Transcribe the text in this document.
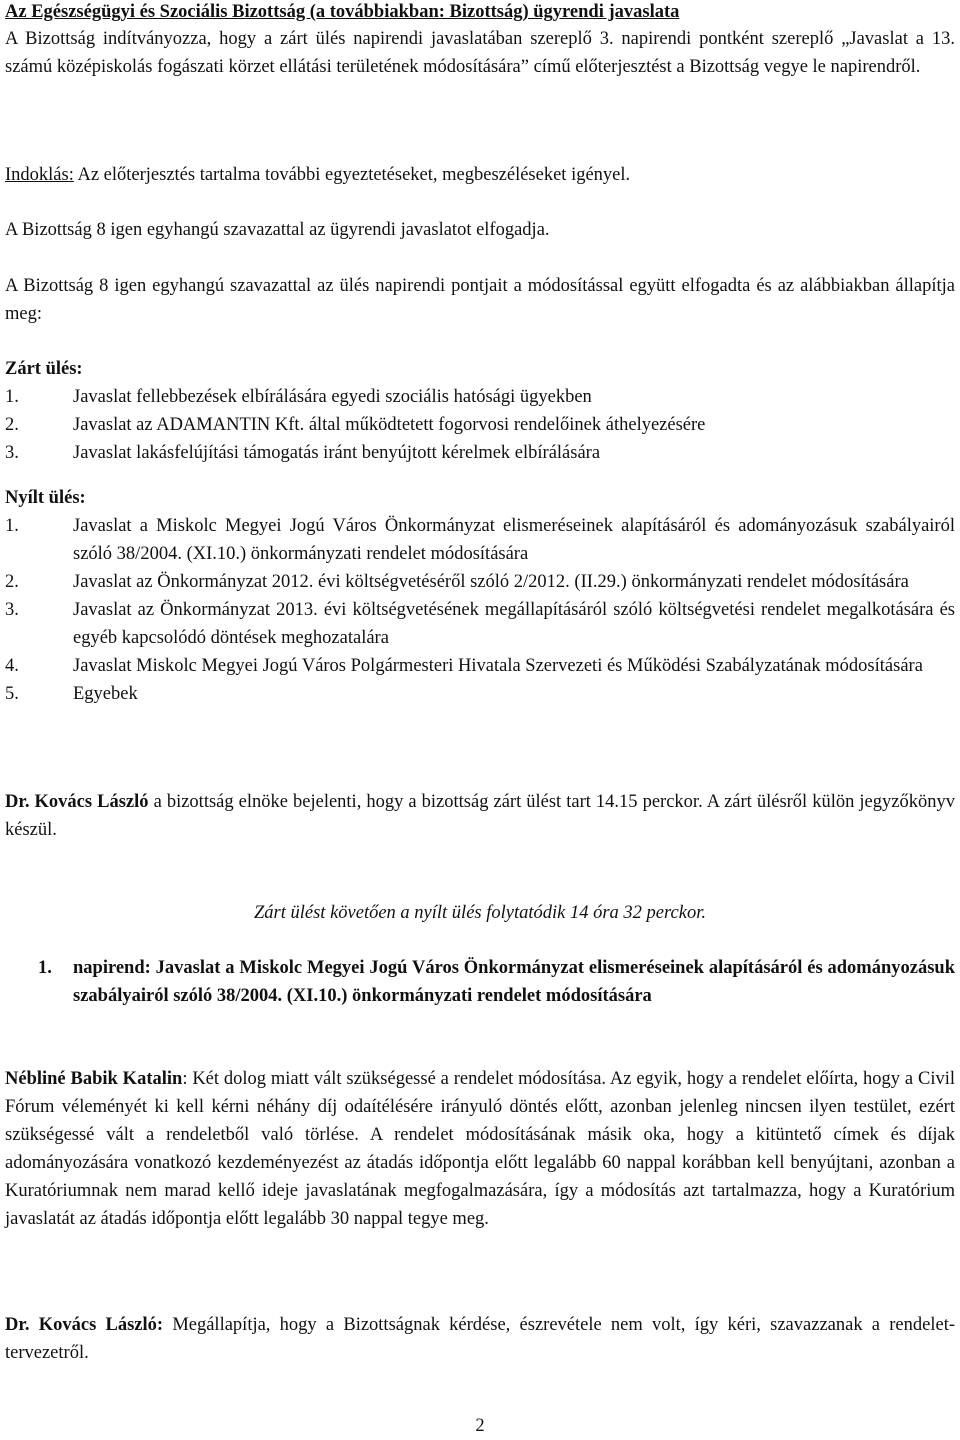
Az Egészségügyi és Szociális Bizottság (a továbbiakban: Bizottság) ügyrendi javaslata
A Bizottság indítványozza, hogy a zárt ülés napirendi javaslatában szereplő 3. napirendi pontként szereplő „Javaslat a 13. számú középiskolás fogászati körzet ellátási területének módosítására” című előterjesztést a Bizottság vegye le napirendről.
Indoklás: Az előterjesztés tartalma további egyeztetéseket, megbeszéléseket igényel.
A Bizottság 8 igen egyhangú szavazattal az ügyrendi javaslatot elfogadja.
A Bizottság 8 igen egyhangú szavazattal az ülés napirendi pontjait a módosítással együtt elfogadta és az alábbiakban állapítja meg:
Zárt ülés:
1.	Javaslat fellebbezések elbírálására egyedi szociális hatósági ügyekben
2.	Javaslat az ADAMANTIN Kft. által működtetett fogorvosi rendelőinek áthelyezésére
3.	Javaslat lakásfelújítási támogatás iránt benyújtott kérelmek elbírálására
Nyílt ülés:
1.	Javaslat a Miskolc Megyei Jogú Város Önkormányzat elismeréseinek alapításáról és adományozásuk szabályairól szóló 38/2004. (XI.10.) önkormányzati rendelet módosítására
2.	Javaslat az Önkormányzat 2012. évi költségvetéséről szóló 2/2012. (II.29.) önkormányzati rendelet módosítására
3.	Javaslat az Önkormányzat 2013. évi költségvetésének megállapításáról szóló költségvetési rendelet megalkotására és egyéb kapcsolódó döntések meghozatalára
4.	Javaslat Miskolc Megyei Jogú Város Polgármesteri Hivatala Szervezeti és Működési Szabályzatának módosítására
5.	Egyebek
Dr. Kovács László a bizottság elnöke bejelenti, hogy a bizottság zárt ülést tart 14.15 perckor. A zárt ülésről külön jegyzőkönyv készül.
Zárt ülést követően a nyílt ülés folytatódik 14 óra 32 perckor.
1. napirend: Javaslat a Miskolc Megyei Jogú Város Önkormányzat elismeréseinek alapításáról és adományozásuk szabályairól szóló 38/2004. (XI.10.) önkormányzati rendelet módosítására
Nébliné Babik Katalin: Két dolog miatt vált szükségessé a rendelet módosítása. Az egyik, hogy a rendelet előírta, hogy a Civil Fórum véleményét ki kell kérni néhány díj odaítélésére irányuló döntés előtt, azonban jelenleg nincsen ilyen testület, ezért szükségessé vált a rendeletből való törlése. A rendelet módosításának másik oka, hogy a kitüntető címek és díjak adományozására vonatkozó kezdeményezést az átadás időpontja előtt legalább 60 nappal korábban kell benyújtani, azonban a Kuratóriumnak nem marad kellő ideje javaslatának megfogalmazására, így a módosítás azt tartalmazza, hogy a Kuratórium javaslatát az átadás időpontja előtt legalább 30 nappal tegye meg.
Dr. Kovács László: Megállapítja, hogy a Bizottságnak kérdése, észrevétele nem volt, így kéri, szavazzanak a rendelet-tervezetről.
2
